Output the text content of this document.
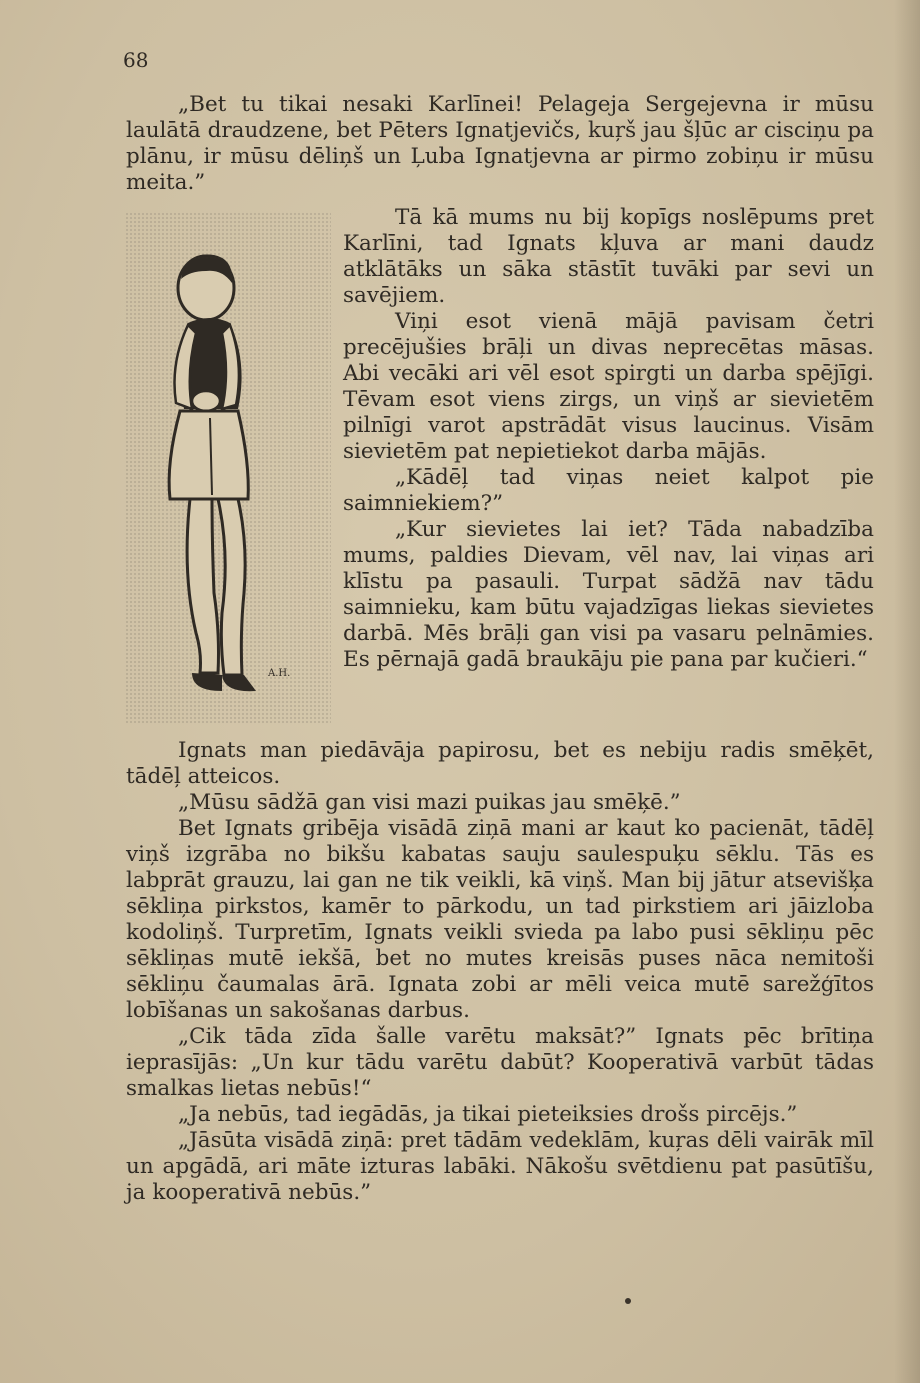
68

„Bet tu tikai nesaki Karlīnei! Pelageja Sergejevna ir mūsu laulātā draudzene, bet Pēters Ignatjevičs, kuŗš jau šļūc ar cisciņu pa plānu, ir mūsu dēliņš un Ļuba Ignatjevna ar pirmo zobiņu ir mūsu meita.”

A.H.

Tā kā mums nu bij kopīgs noslēpums pret Karlīni, tad Ignats kļuva ar mani daudz atklātāks un sāka stāstīt tuvāki par sevi un savējiem.

Viņi esot vienā mājā pavisam četri precējušies brāļi un divas neprecētas māsas. Abi vecāki ari vēl esot spirgti un darba spējīgi. Tēvam esot viens zirgs, un viņš ar sievietēm pilnīgi varot apstrādāt visus laucinus. Visām sievietēm pat nepietiekot darba mājās.

„Kādēļ tad viņas neiet kalpot pie saimniekiem?”

„Kur sievietes lai iet? Tāda nabadzība mums, paldies Dievam, vēl nav, lai viņas ari klīstu pa pasauli. Turpat sādžā nav tādu saimnieku, kam būtu vajadzīgas liekas sievietes darbā. Mēs brāļi gan visi pa vasaru pelnāmies. Es pērnajā gadā braukāju pie pana par kučieri.“

Ignats man piedāvāja papirosu, bet es nebiju radis smēķēt, tādēļ atteicos.

„Mūsu sādžā gan visi mazi puikas jau smēķē.”

Bet Ignats gribēja visādā ziņā mani ar kaut ko pacienāt, tādēļ viņš izgrāba no bikšu kabatas sauju saulespuķu sēklu. Tās es labprāt grauzu, lai gan ne tik veikli, kā viņš. Man bij jātur atsevišķa sēkliņa pirkstos, kamēr to pārkodu, un tad pirkstiem ari jāizloba kodoliņš. Turpretīm, Ignats veikli svieda pa labo pusi sēkliņu pēc sēkliņas mutē iekšā, bet no mutes kreisās puses nāca nemitoši sēkliņu čaumalas ārā. Ignata zobi ar mēli veica mutē sarežģītos lobīšanas un sakošanas darbus.

„Cik tāda zīda šalle varētu maksāt?” Ignats pēc brītiņa ieprasījās: „Un kur tādu varētu dabūt? Kooperativā varbūt tādas smalkas lietas nebūs!“

„Ja nebūs, tad iegādās, ja tikai pieteiksies drošs pircējs.”

„Jāsūta visādā ziņā: pret tādām vedeklām, kuŗas dēli vairāk mīl un apgādā, ari māte izturas labāki. Nākošu svētdienu pat pasūtīšu, ja kooperativā nebūs.”
